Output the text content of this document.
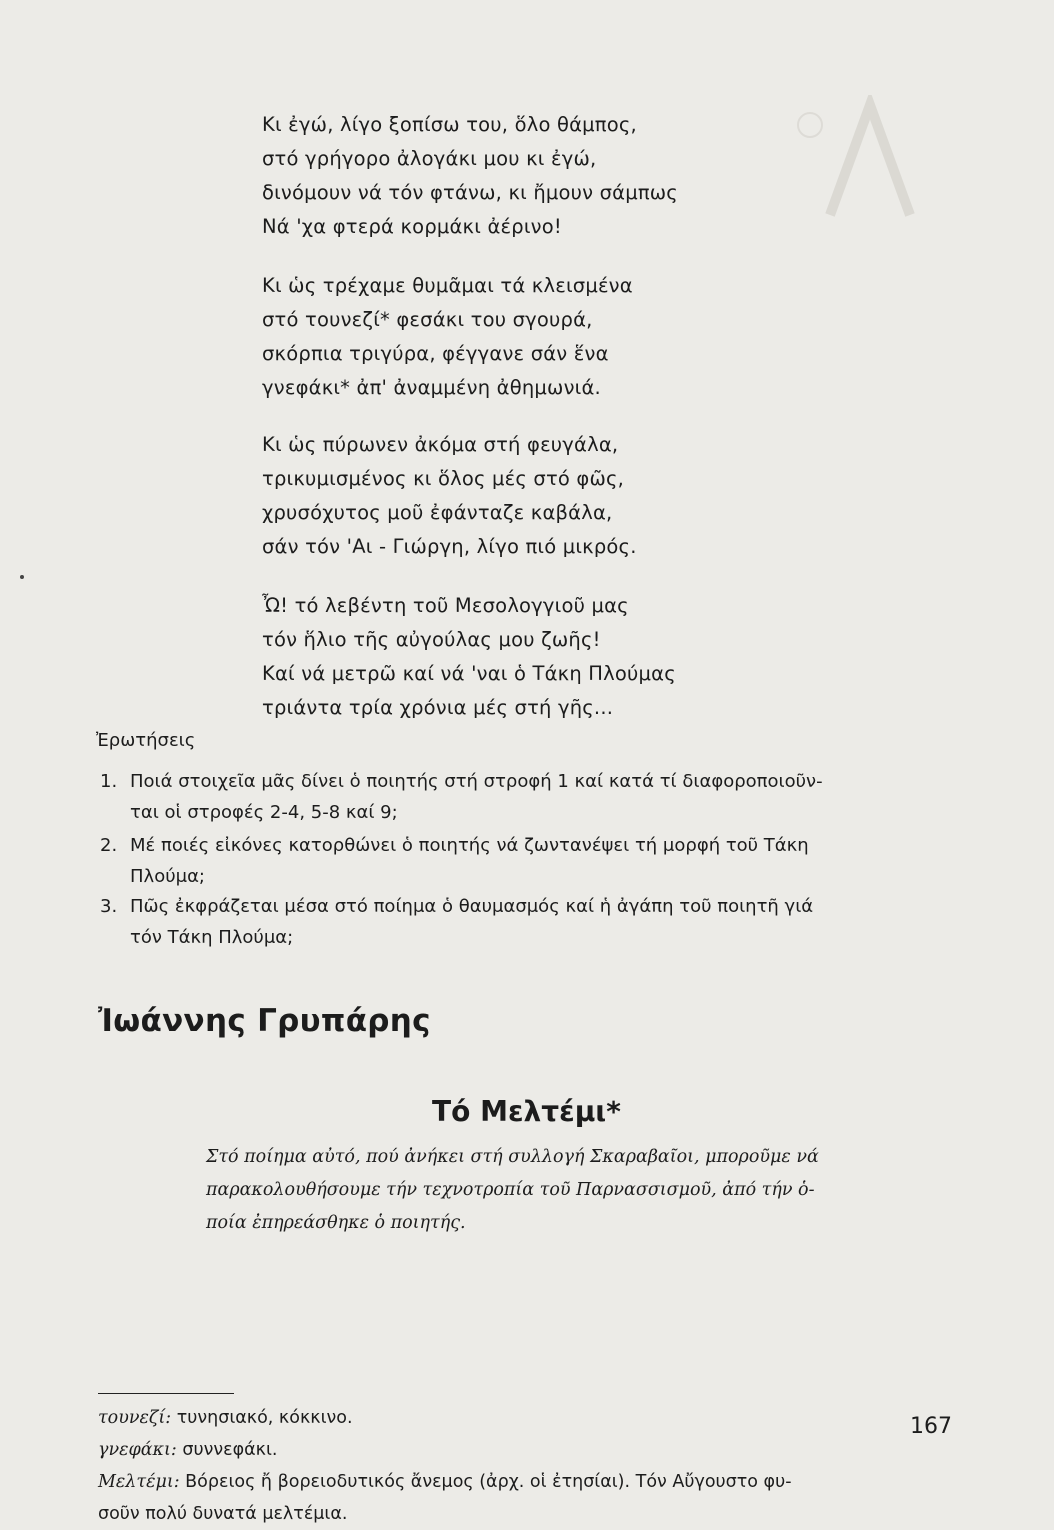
Κι ἐγώ, λίγο ξοπίσω του, ὅλο θάμπος,
στό γρήγορο ἀλογάκι μου κι ἐγώ,
δινόμουν νά τόν φτάνω, κι ἤμουν σάμπως
Νά 'χα φτερά κορμάκι ἀέρινο!
Κι ὡς τρέχαμε θυμᾶμαι τά κλεισμένα
στό τουνεζί* φεσάκι του σγουρά,
σκόρπια τριγύρα, φέγγανε σάν ἕνα
γνεφάκι* ἀπ' ἀναμμένη ἀθημωνιά.
Κι ὡς πύρωνεν ἀκόμα στή φευγάλα,
τρικυμισμένος κι ὅλος μές στό φῶς,
χρυσόχυτος μοῦ ἐφάνταζε καβάλα,
σάν τόν 'Αι - Γιώργη, λίγο πιό μικρός.
Ὦ! τό λεβέντη τοῦ Μεσολογγιοῦ μας
τόν ἥλιο τῆς αὐγούλας μου ζωῆς!
Καί νά μετρῶ καί νά 'ναι ὁ Τάκη Πλούμας
τριάντα τρία χρόνια μές στή γῆς...
Ἐρωτήσεις
1. Ποιά στοιχεῖα μᾶς δίνει ὁ ποιητής στή στροφή 1 καί κατά τί διαφοροποιοῦν-
ται οἱ στροφές 2-4, 5-8 καί 9;
2. Μέ ποιές εἰκόνες κατορθώνει ὁ ποιητής νά ζωντανέψει τή μορφή τοῦ Τάκη
Πλούμα;
3. Πῶς ἐκφράζεται μέσα στό ποίημα ὁ θαυμασμός καί ἡ ἀγάπη τοῦ ποιητῆ γιά
τόν Τάκη Πλούμα;
Ἰωάννης Γρυπάρης
Τό Μελτέμι*
Στό ποίημα αὐτό, πού ἀνήκει στή συλλογή Σκαραβαῖοι, μποροῦμε νά
παρακολουθήσουμε τήν τεχνοτροπία τοῦ Παρνασσισμοῦ, ἀπό τήν ὁ-
ποία ἐπηρεάσθηκε ὁ ποιητής.
τουνεζί: τυνησιακό, κόκκινο.
γνεφάκι: συννεφάκι.
Μελτέμι: Βόρειος ἤ βορειοδυτικός ἄνεμος (ἀρχ. οἱ ἐτησίαι). Τόν Αὔγουστο φυ-
σοῦν πολύ δυνατά μελτέμια.
167
